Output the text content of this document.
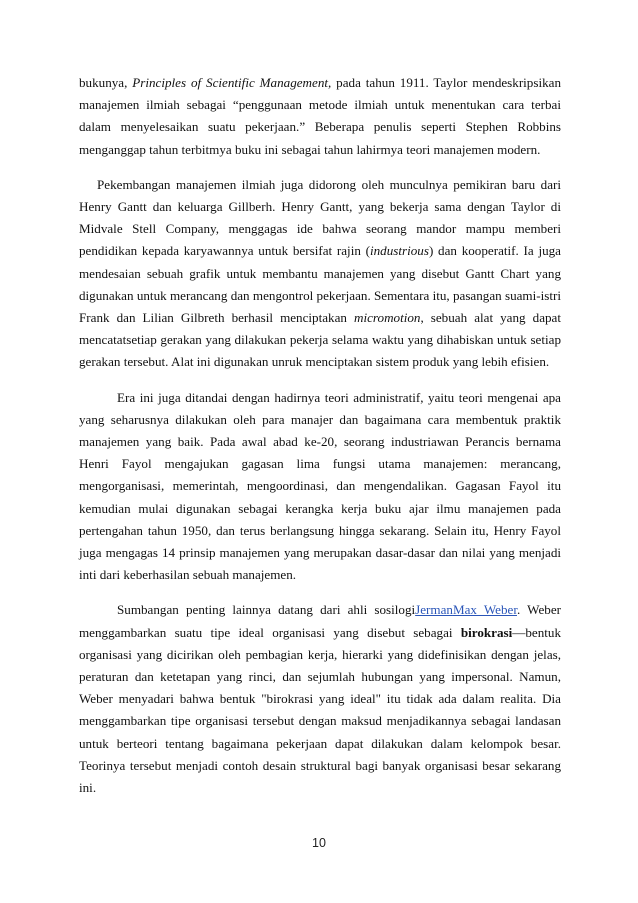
bukunya, Principles of Scientific Management, pada tahun 1911. Taylor mendeskripsikan manajemen ilmiah sebagai “penggunaan metode ilmiah untuk menentukan cara terbai dalam menyelesaikan suatu pekerjaan.” Beberapa penulis seperti Stephen Robbins menganggap tahun terbitmya buku ini sebagai tahun lahirmya teori manajemen modern.

Pekembangan manajemen ilmiah juga didorong oleh munculnya pemikiran baru dari Henry Gantt dan keluarga Gillberh. Henry Gantt, yang bekerja sama dengan Taylor di Midvale Stell Company, menggagas ide bahwa seorang mandor mampu memberi pendidikan kepada karyawannya untuk bersifat rajin (industrious) dan kooperatif. Ia juga mendesaian sebuah grafik untuk membantu manajemen yang disebut Gantt Chart yang digunakan untuk merancang dan mengontrol pekerjaan. Sementara itu, pasangan suami-istri Frank dan Lilian Gilbreth berhasil menciptakan micromotion, sebuah alat yang dapat mencatatsetiap gerakan yang dilakukan pekerja selama waktu yang dihabiskan untuk setiap gerakan tersebut. Alat ini digunakan unruk menciptakan sistem produk yang lebih efisien.

Era ini juga ditandai dengan hadirnya teori administratif, yaitu teori mengenai apa yang seharusnya dilakukan oleh para manajer dan bagaimana cara membentuk praktik manajemen yang baik. Pada awal abad ke-20, seorang industriawan Perancis bernama Henri Fayol mengajukan gagasan lima fungsi utama manajemen: merancang, mengorganisasi, memerintah, mengoordinasi, dan mengendalikan. Gagasan Fayol itu kemudian mulai digunakan sebagai kerangka kerja buku ajar ilmu manajemen pada pertengahan tahun 1950, dan terus berlangsung hingga sekarang. Selain itu, Henry Fayol juga mengagas 14 prinsip manajemen yang merupakan dasar-dasar dan nilai yang menjadi inti dari keberhasilan sebuah manajemen.

Sumbangan penting lainnya datang dari ahli sosilogiJermanMax Weber. Weber menggambarkan suatu tipe ideal organisasi yang disebut sebagai birokrasi—bentuk organisasi yang dicirikan oleh pembagian kerja, hierarki yang didefinisikan dengan jelas, peraturan dan ketetapan yang rinci, dan sejumlah hubungan yang impersonal. Namun, Weber menyadari bahwa bentuk "birokrasi yang ideal" itu tidak ada dalam realita. Dia menggambarkan tipe organisasi tersebut dengan maksud menjadikannya sebagai landasan untuk berteori tentang bagaimana pekerjaan dapat dilakukan dalam kelompok besar. Teorinya tersebut menjadi contoh desain struktural bagi banyak organisasi besar sekarang ini.

10
